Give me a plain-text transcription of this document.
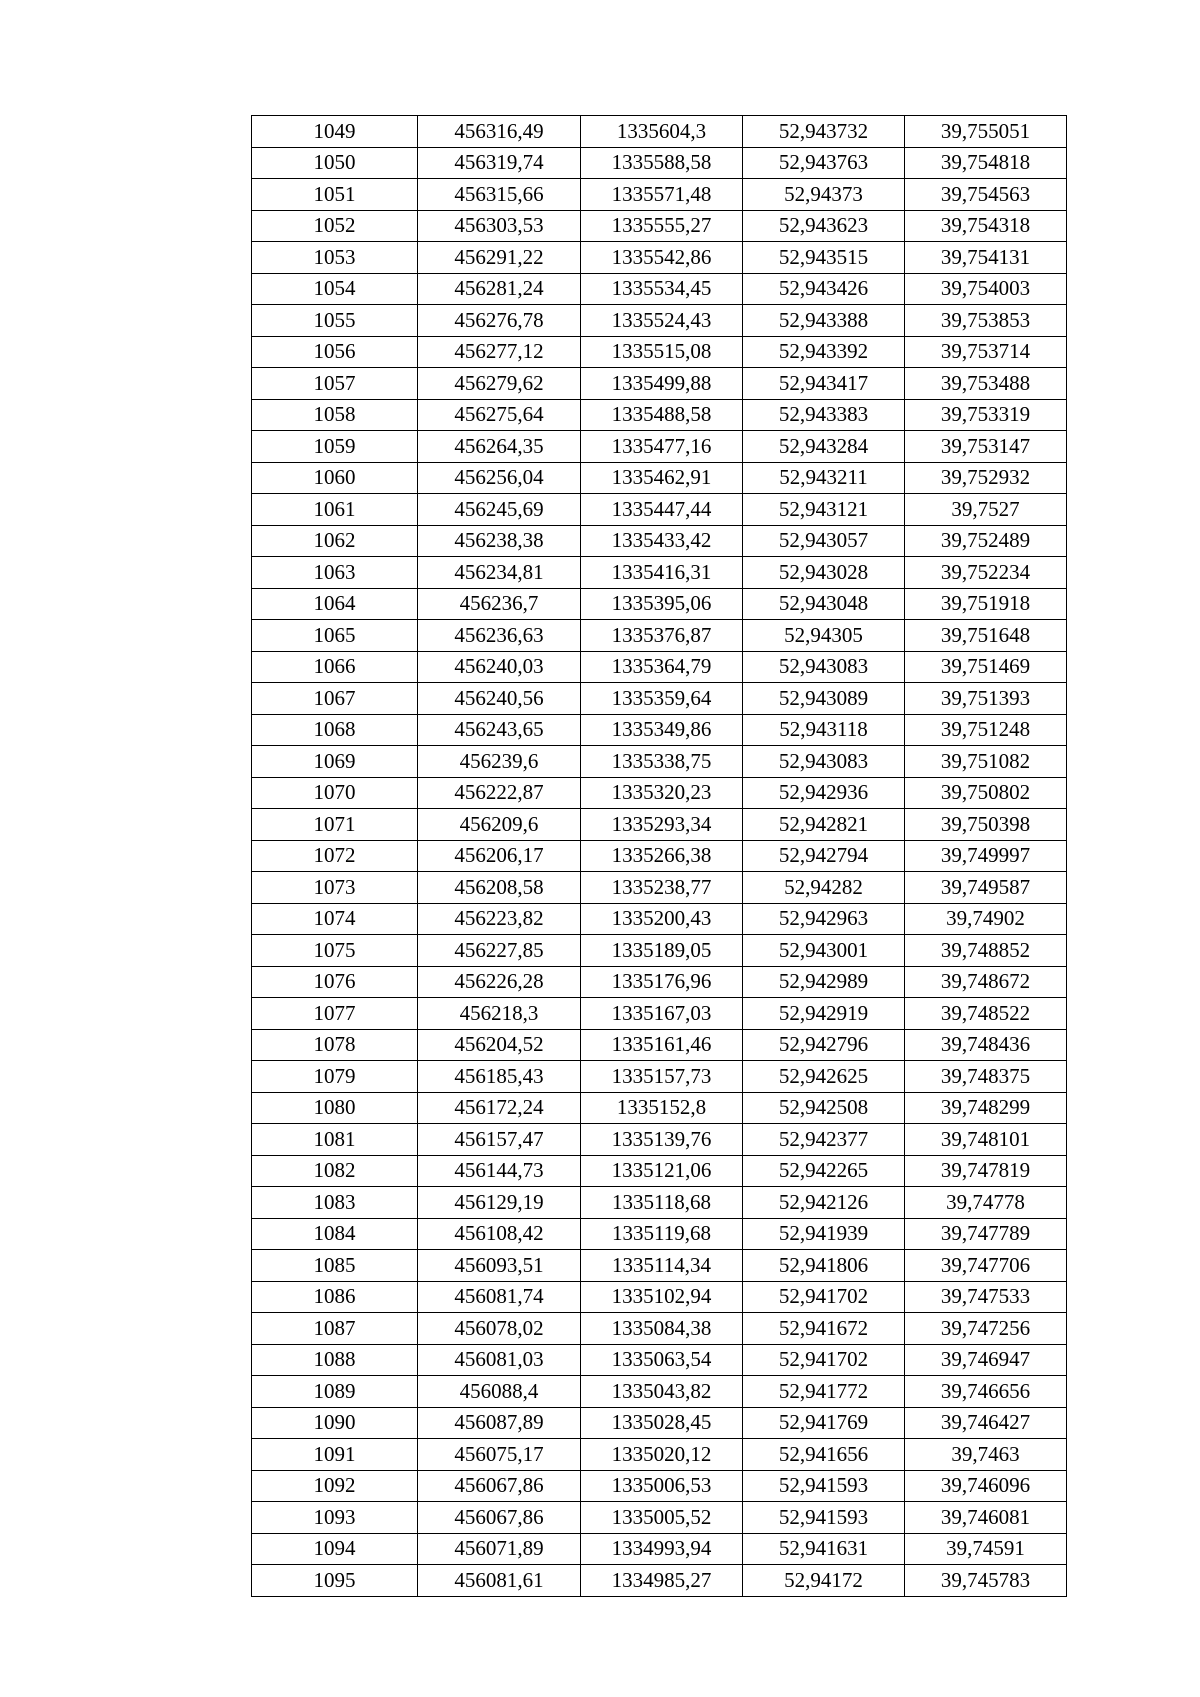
1049	456316,49	1335604,3	52,943732	39,755051
1050	456319,74	1335588,58	52,943763	39,754818
1051	456315,66	1335571,48	52,94373	39,754563
1052	456303,53	1335555,27	52,943623	39,754318
1053	456291,22	1335542,86	52,943515	39,754131
1054	456281,24	1335534,45	52,943426	39,754003
1055	456276,78	1335524,43	52,943388	39,753853
1056	456277,12	1335515,08	52,943392	39,753714
1057	456279,62	1335499,88	52,943417	39,753488
1058	456275,64	1335488,58	52,943383	39,753319
1059	456264,35	1335477,16	52,943284	39,753147
1060	456256,04	1335462,91	52,943211	39,752932
1061	456245,69	1335447,44	52,943121	39,7527
1062	456238,38	1335433,42	52,943057	39,752489
1063	456234,81	1335416,31	52,943028	39,752234
1064	456236,7	1335395,06	52,943048	39,751918
1065	456236,63	1335376,87	52,94305	39,751648
1066	456240,03	1335364,79	52,943083	39,751469
1067	456240,56	1335359,64	52,943089	39,751393
1068	456243,65	1335349,86	52,943118	39,751248
1069	456239,6	1335338,75	52,943083	39,751082
1070	456222,87	1335320,23	52,942936	39,750802
1071	456209,6	1335293,34	52,942821	39,750398
1072	456206,17	1335266,38	52,942794	39,749997
1073	456208,58	1335238,77	52,94282	39,749587
1074	456223,82	1335200,43	52,942963	39,74902
1075	456227,85	1335189,05	52,943001	39,748852
1076	456226,28	1335176,96	52,942989	39,748672
1077	456218,3	1335167,03	52,942919	39,748522
1078	456204,52	1335161,46	52,942796	39,748436
1079	456185,43	1335157,73	52,942625	39,748375
1080	456172,24	1335152,8	52,942508	39,748299
1081	456157,47	1335139,76	52,942377	39,748101
1082	456144,73	1335121,06	52,942265	39,747819
1083	456129,19	1335118,68	52,942126	39,74778
1084	456108,42	1335119,68	52,941939	39,747789
1085	456093,51	1335114,34	52,941806	39,747706
1086	456081,74	1335102,94	52,941702	39,747533
1087	456078,02	1335084,38	52,941672	39,747256
1088	456081,03	1335063,54	52,941702	39,746947
1089	456088,4	1335043,82	52,941772	39,746656
1090	456087,89	1335028,45	52,941769	39,746427
1091	456075,17	1335020,12	52,941656	39,7463
1092	456067,86	1335006,53	52,941593	39,746096
1093	456067,86	1335005,52	52,941593	39,746081
1094	456071,89	1334993,94	52,941631	39,74591
1095	456081,61	1334985,27	52,94172	39,745783
